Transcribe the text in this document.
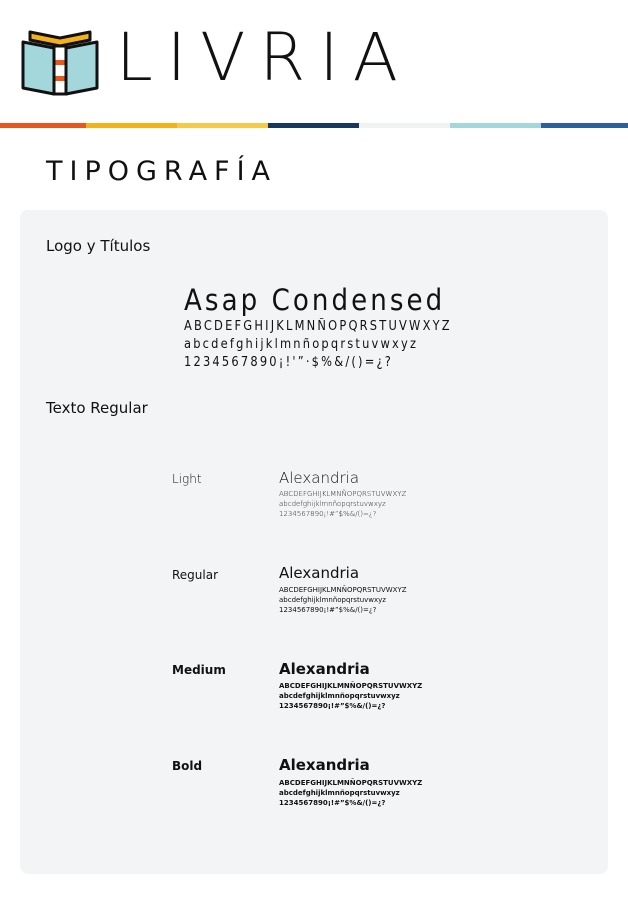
LIVRIA
TIPOGRAFÍA
Logo y Títulos
Asap Condensed
ABCDEFGHIJKLMNÑOPQRSTUVWXYZ
abcdefghijklmnñopqrstuvwxyz
1234567890¡!'”·$%&/()=¿?
Texto Regular
Light	Alexandria
ABCDEFGHIJKLMNÑOPQRSTUVWXYZ
abcdefghijklmnñopqrstuvwxyz
1234567890¡!#”$%&/()=¿?
Regular	Alexandria
ABCDEFGHIJKLMNÑOPQRSTUVWXYZ
abcdefghijklmnñopqrstuvwxyz
1234567890¡!#”$%&/()=¿?
Medium	Alexandria
ABCDEFGHIJKLMNÑOPQRSTUVWXYZ
abcdefghijklmnñopqrstuvwxyz
1234567890¡!#”$%&/()=¿?
Bold	Alexandria
ABCDEFGHIJKLMNÑOPQRSTUVWXYZ
abcdefghijklmnñopqrstuvwxyz
1234567890¡!#”$%&/()=¿?
